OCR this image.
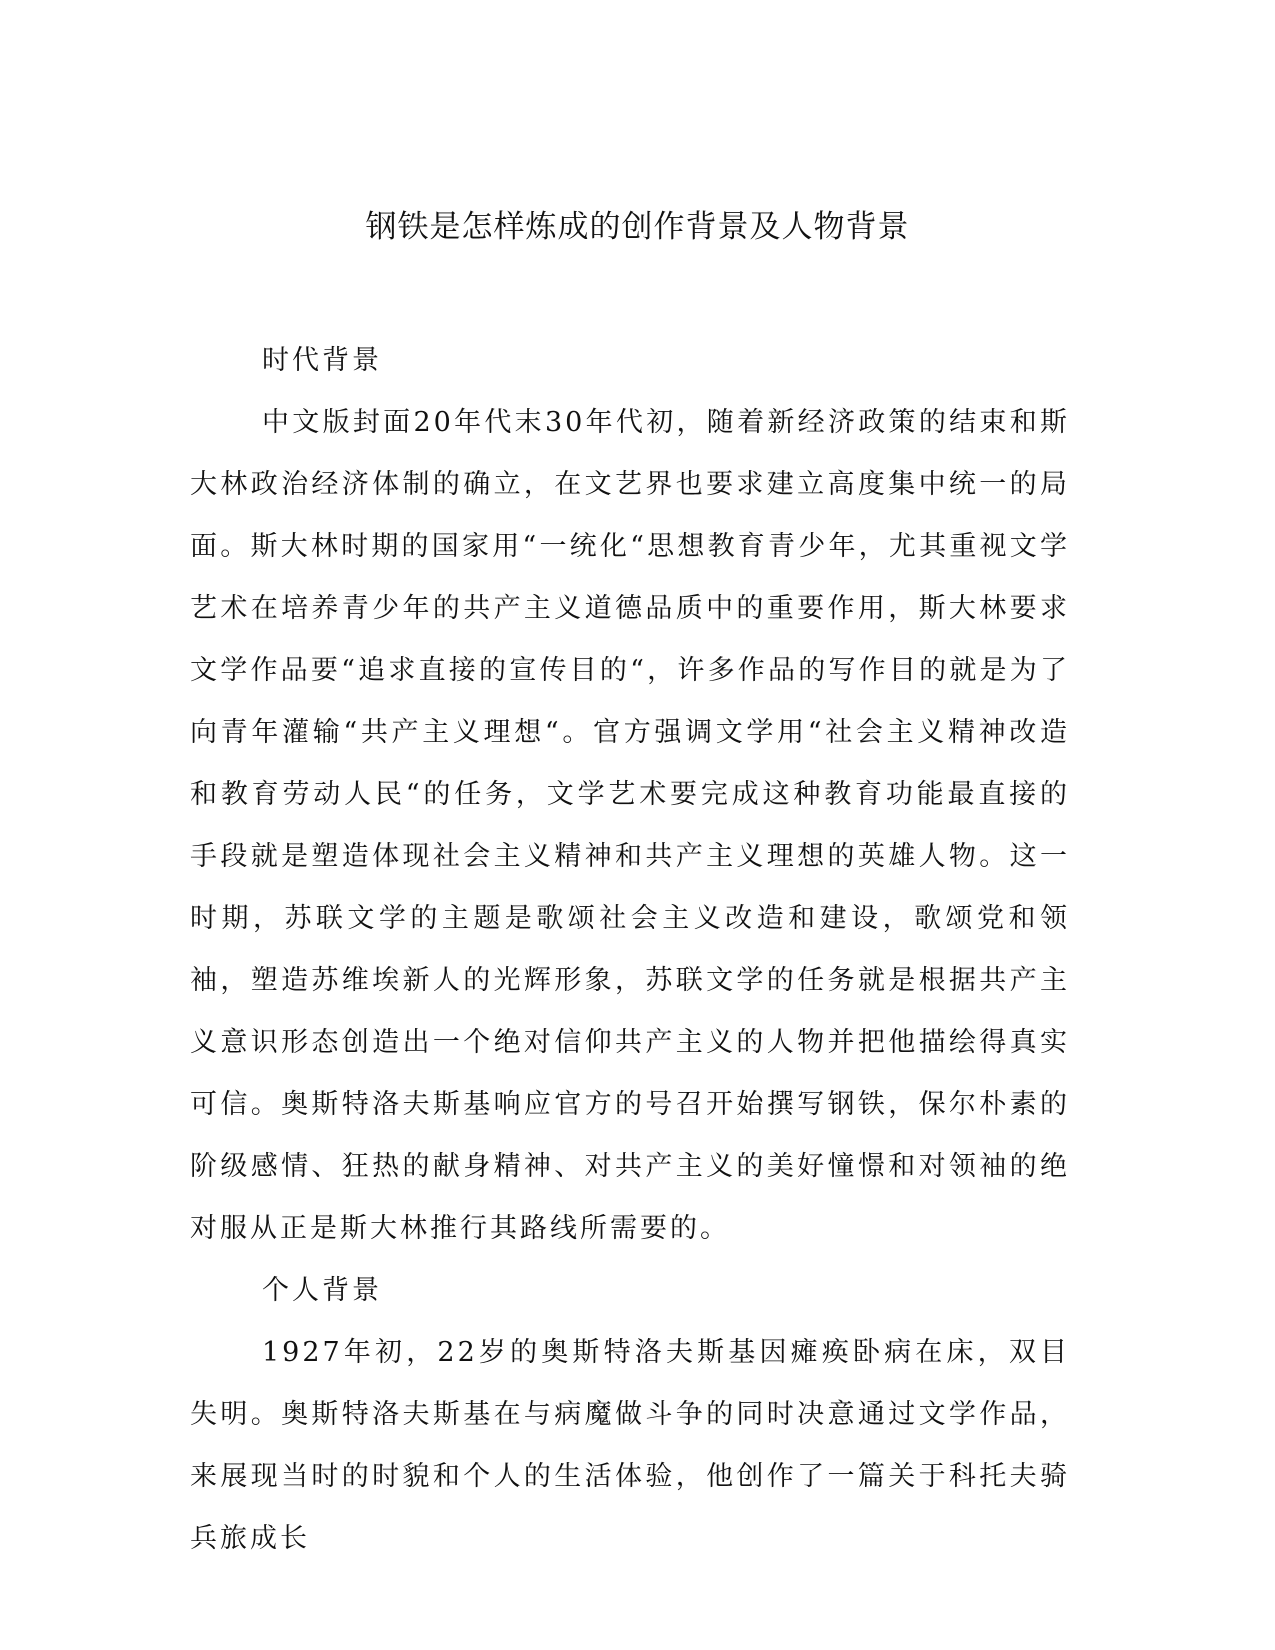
钢铁是怎样炼成的创作背景及人物背景

时代背景

中文版封面20年代末30年代初，随着新经济政策的结束和斯大林政治经济体制的确立，在文艺界也要求建立高度集中统一的局面。斯大林时期的国家用“一统化“思想教育青少年，尤其重视文学艺术在培养青少年的共产主义道德品质中的重要作用，斯大林要求文学作品要“追求直接的宣传目的“，许多作品的写作目的就是为了向青年灌输“共产主义理想“。官方强调文学用“社会主义精神改造和教育劳动人民“的任务，文学艺术要完成这种教育功能最直接的手段就是塑造体现社会主义精神和共产主义理想的英雄人物。这一时期，苏联文学的主题是歌颂社会主义改造和建设，歌颂党和领袖，塑造苏维埃新人的光辉形象，苏联文学的任务就是根据共产主义意识形态创造出一个绝对信仰共产主义的人物并把他描绘得真实可信。奥斯特洛夫斯基响应官方的号召开始撰写钢铁，保尔朴素的阶级感情、狂热的献身精神、对共产主义的美好憧憬和对领袖的绝对服从正是斯大林推行其路线所需要的。

个人背景

1927年初，22岁的奥斯特洛夫斯基因瘫痪卧病在床，双目失明。奥斯特洛夫斯基在与病魔做斗争的同时决意通过文学作品，来展现当时的时貌和个人的生活体验，他创作了一篇关于科托夫骑兵旅成长
